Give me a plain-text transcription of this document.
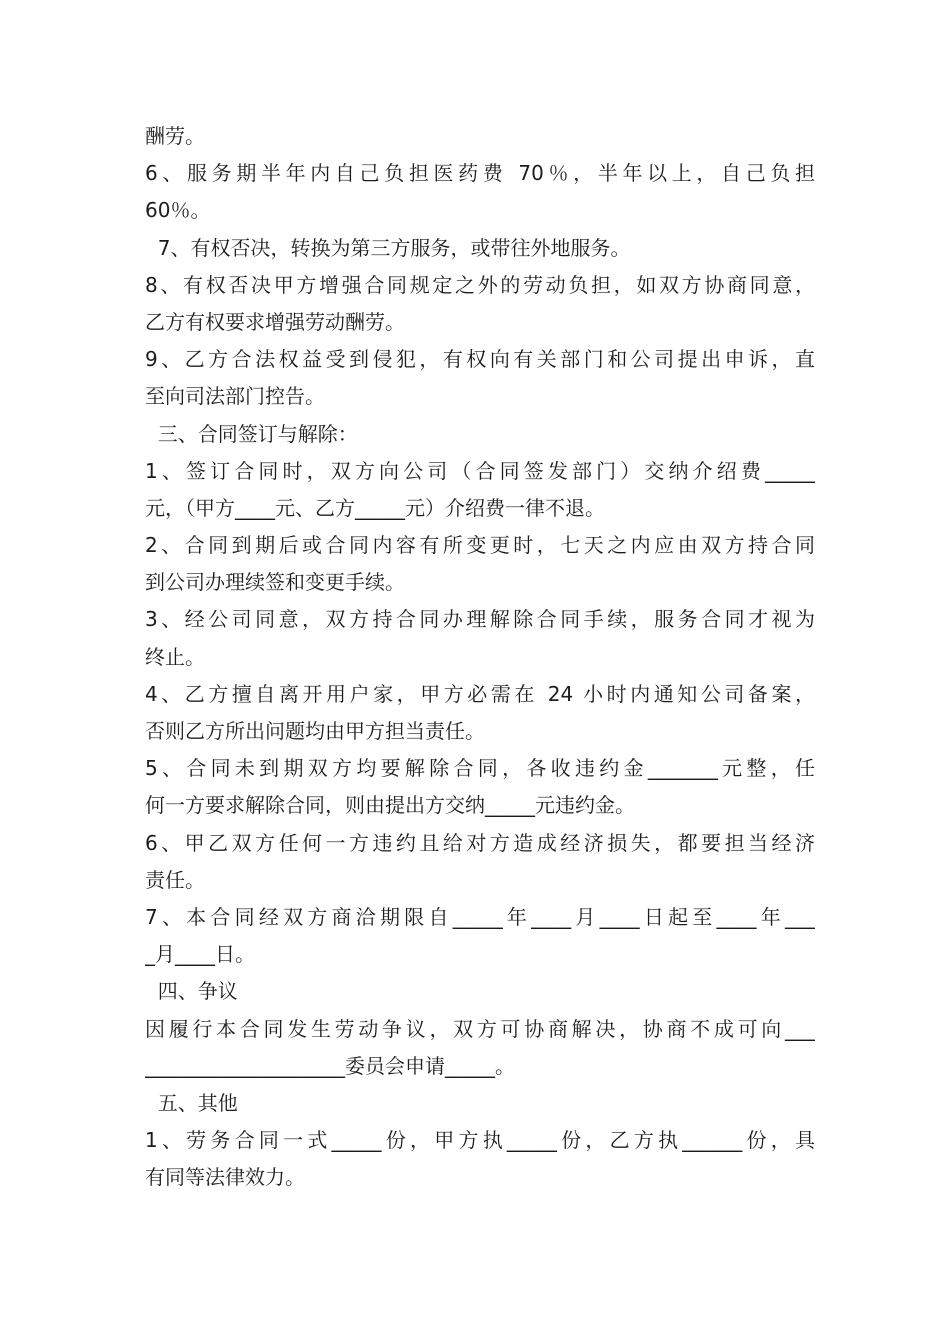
酬劳。
6、服务期半年内自己负担医药费 70％，半年以上，自己负担
60％。
7、有权否决，转换为第三方服务，或带往外地服务。
8、有权否决甲方增强合同规定之外的劳动负担，如双方协商同意，
乙方有权要求增强劳动酬劳。
9、乙方合法权益受到侵犯，有权向有关部门和公司提出申诉，直
至向司法部门控告。
三、合同签订与解除：
1、签订合同时，双方向公司（合同签发部门）交纳介绍费_____
元，（甲方____元、乙方_____元）介绍费一律不退。
2、合同到期后或合同内容有所变更时，七天之内应由双方持合同
到公司办理续签和变更手续。
3、经公司同意，双方持合同办理解除合同手续，服务合同才视为
终止。
4、乙方擅自离开用户家，甲方必需在 24 小时内通知公司备案，
否则乙方所出问题均由甲方担当责任。
5、合同未到期双方均要解除合同，各收违约金_______元整，任
何一方要求解除合同，则由提出方交纳_____元违约金。
6、甲乙双方任何一方违约且给对方造成经济损失，都要担当经济
责任。
7、本合同经双方商洽期限自_____年____月____日起至____年___
_月____日。
四、争议
因履行本合同发生劳动争议，双方可协商解决，协商不成可向___
____________________委员会申请_____。
五、其他
1、劳务合同一式_____份，甲方执_____份，乙方执______份，具
有同等法律效力。
